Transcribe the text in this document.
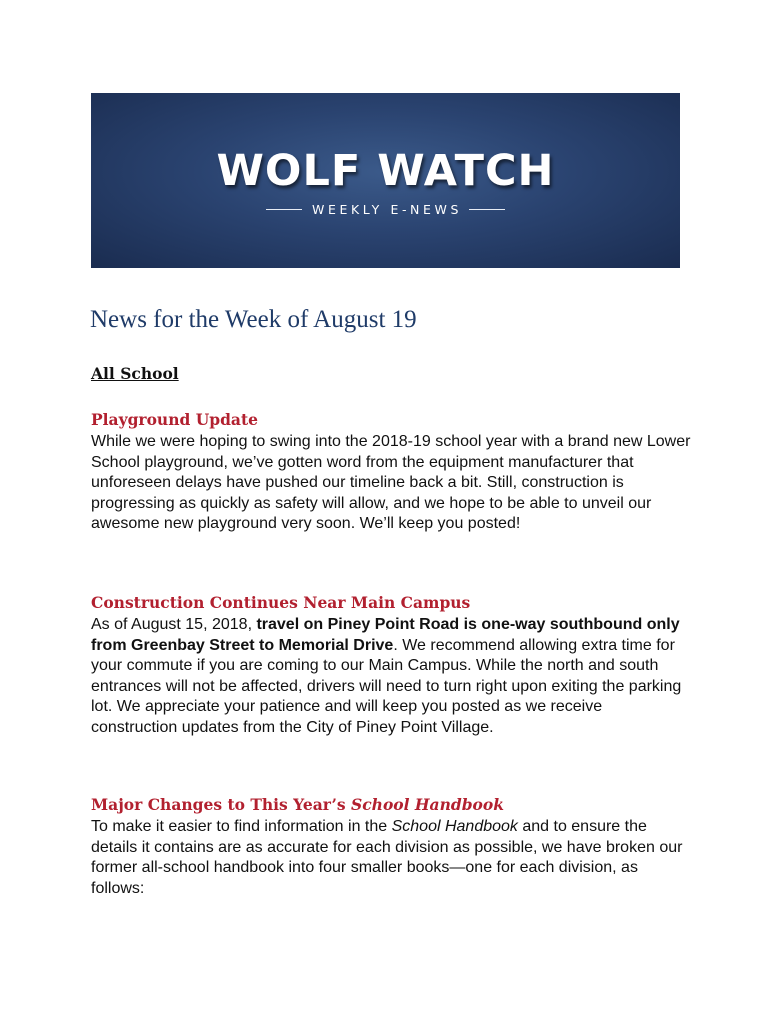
WOLF WATCH
WEEKLY E-NEWS
News for the Week of August 19
All School
Playground Update

While we were hoping to swing into the 2018-19 school year with a brand new Lower School playground, we’ve gotten word from the equipment manufacturer that unforeseen delays have pushed our timeline back a bit. Still, construction is progressing as quickly as safety will allow, and we hope to be able to unveil our awesome new playground very soon. We’ll keep you posted!

Construction Continues Near Main Campus

As of August 15, 2018, travel on Piney Point Road is one-way southbound only from Greenbay Street to Memorial Drive. We recommend allowing extra time for your commute if you are coming to our Main Campus. While the north and south entrances will not be affected, drivers will need to turn right upon exiting the parking lot. We appreciate your patience and will keep you posted as we receive construction updates from the City of Piney Point Village.

Major Changes to This Year’s School Handbook

To make it easier to find information in the School Handbook and to ensure the details it contains are as accurate for each division as possible, we have broken our former all-school handbook into four smaller books—one for each division, as follows:
